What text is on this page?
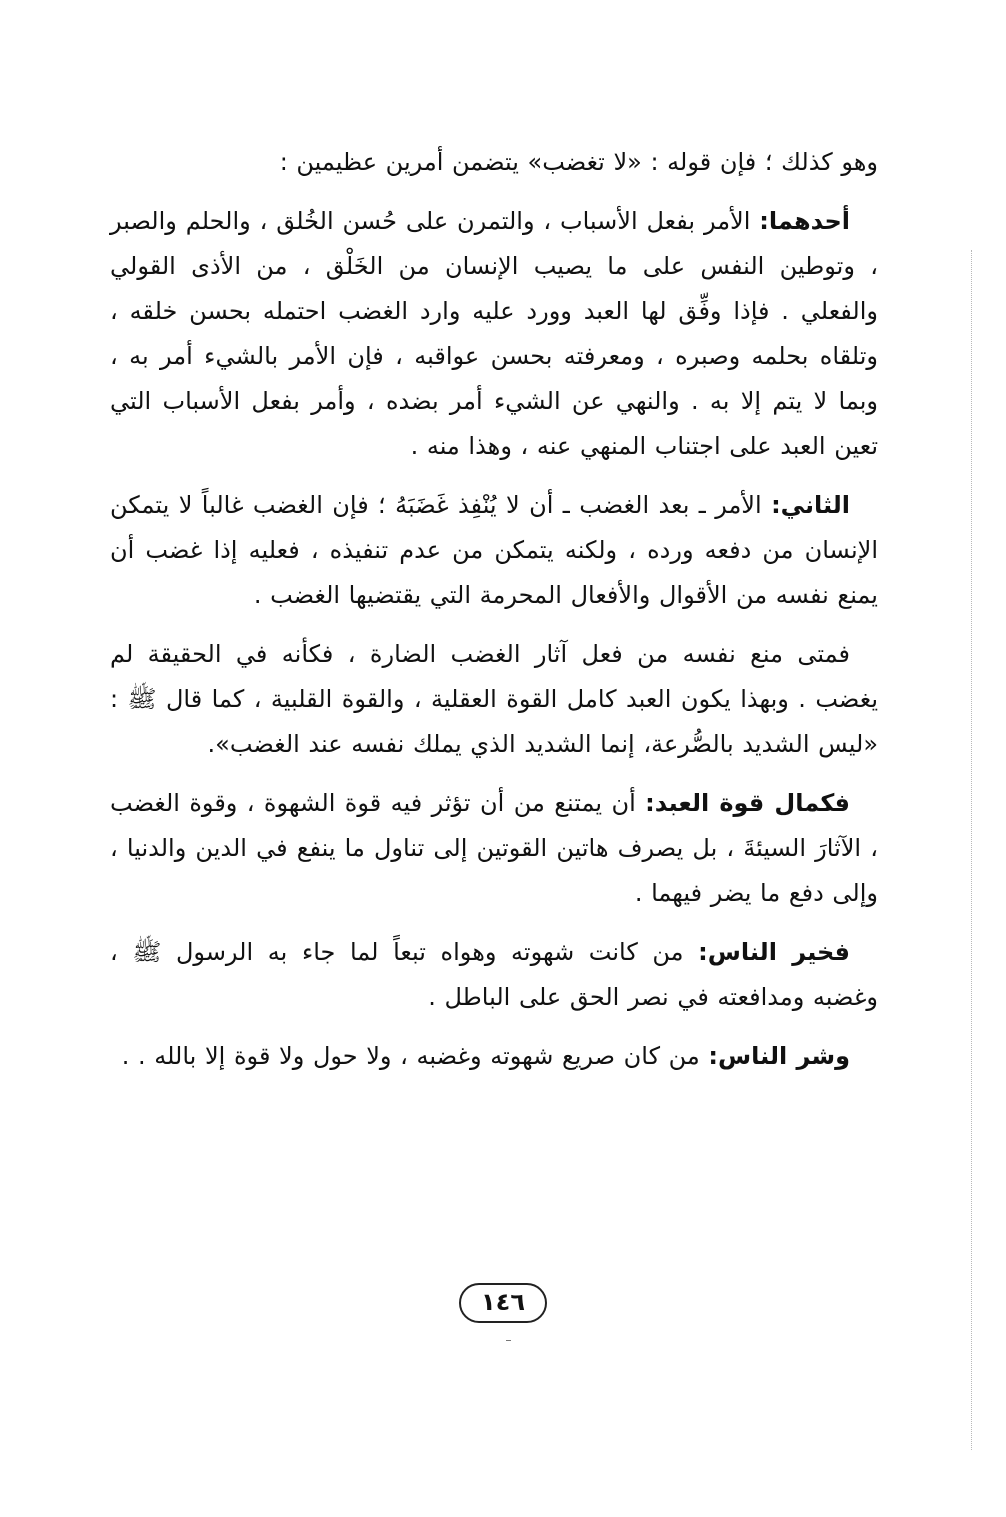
وهو كذلك ؛ فإن قوله : «لا تغضب» يتضمن أمرين عظيمين :

أحدهما: الأمر بفعل الأسباب ، والتمرن على حُسن الخُلق ، والحلم والصبر ، وتوطين النفس على ما يصيب الإنسان من الخَلْق ، من الأذى القولي والفعلي . فإذا وفِّق لها العبد وورد عليه وارد الغضب احتمله بحسن خلقه ، وتلقاه بحلمه وصبره ، ومعرفته بحسن عواقبه ، فإن الأمر بالشيء أمر به ، وبما لا يتم إلا به . والنهي عن الشيء أمر بضده ، وأمر بفعل الأسباب التي تعين العبد على اجتناب المنهي عنه ، وهذا منه .

الثاني: الأمر ـ بعد الغضب ـ أن لا يُنْفِذ غَضَبَهُ ؛ فإن الغضب غالباً لا يتمكن الإنسان من دفعه ورده ، ولكنه يتمكن من عدم تنفيذه ، فعليه إذا غضب أن يمنع نفسه من الأقوال والأفعال المحرمة التي يقتضيها الغضب .

فمتى منع نفسه من فعل آثار الغضب الضارة ، فكأنه في الحقيقة لم يغضب . وبهذا يكون العبد كامل القوة العقلية ، والقوة القلبية ، كما قال ﷺ : «ليس الشديد بالصُّرعة، إنما الشديد الذي يملك نفسه عند الغضب».

فكمال قوة العبد: أن يمتنع من أن تؤثر فيه قوة الشهوة ، وقوة الغضب ، الآثارَ السيئةَ ، بل يصرف هاتين القوتين إلى تناول ما ينفع في الدين والدنيا ، وإلى دفع ما يضر فيهما .

فخير الناس: من كانت شهوته وهواه تبعاً لما جاء به الرسول ﷺ ، وغضبه ومدافعته في نصر الحق على الباطل .

وشر الناس: من كان صريع شهوته وغضبه ، ولا حول ولا قوة إلا بالله . .

١٤٦
